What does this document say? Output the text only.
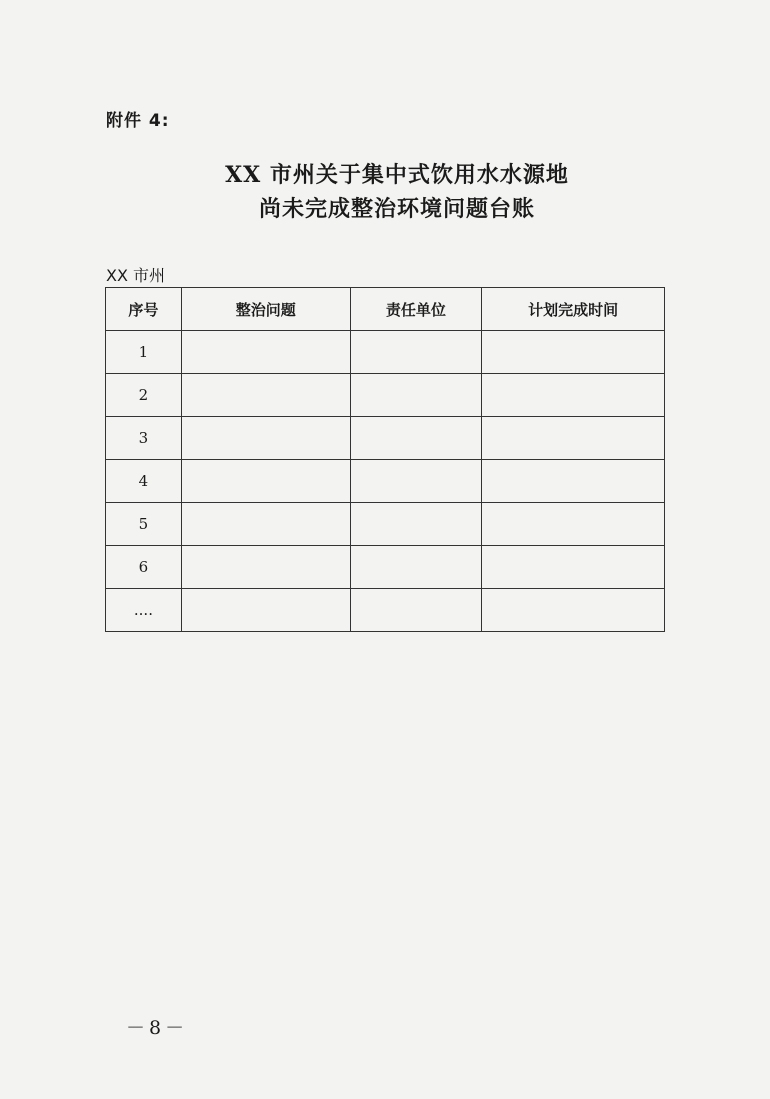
附件 4:
XX 市州关于集中式饮用水水源地
尚未完成整治环境问题台账
XX 市州
序号	整治问题	责任单位	计划完成时间
1			
2			
3			
4			
5			
6			
....			
－8－
